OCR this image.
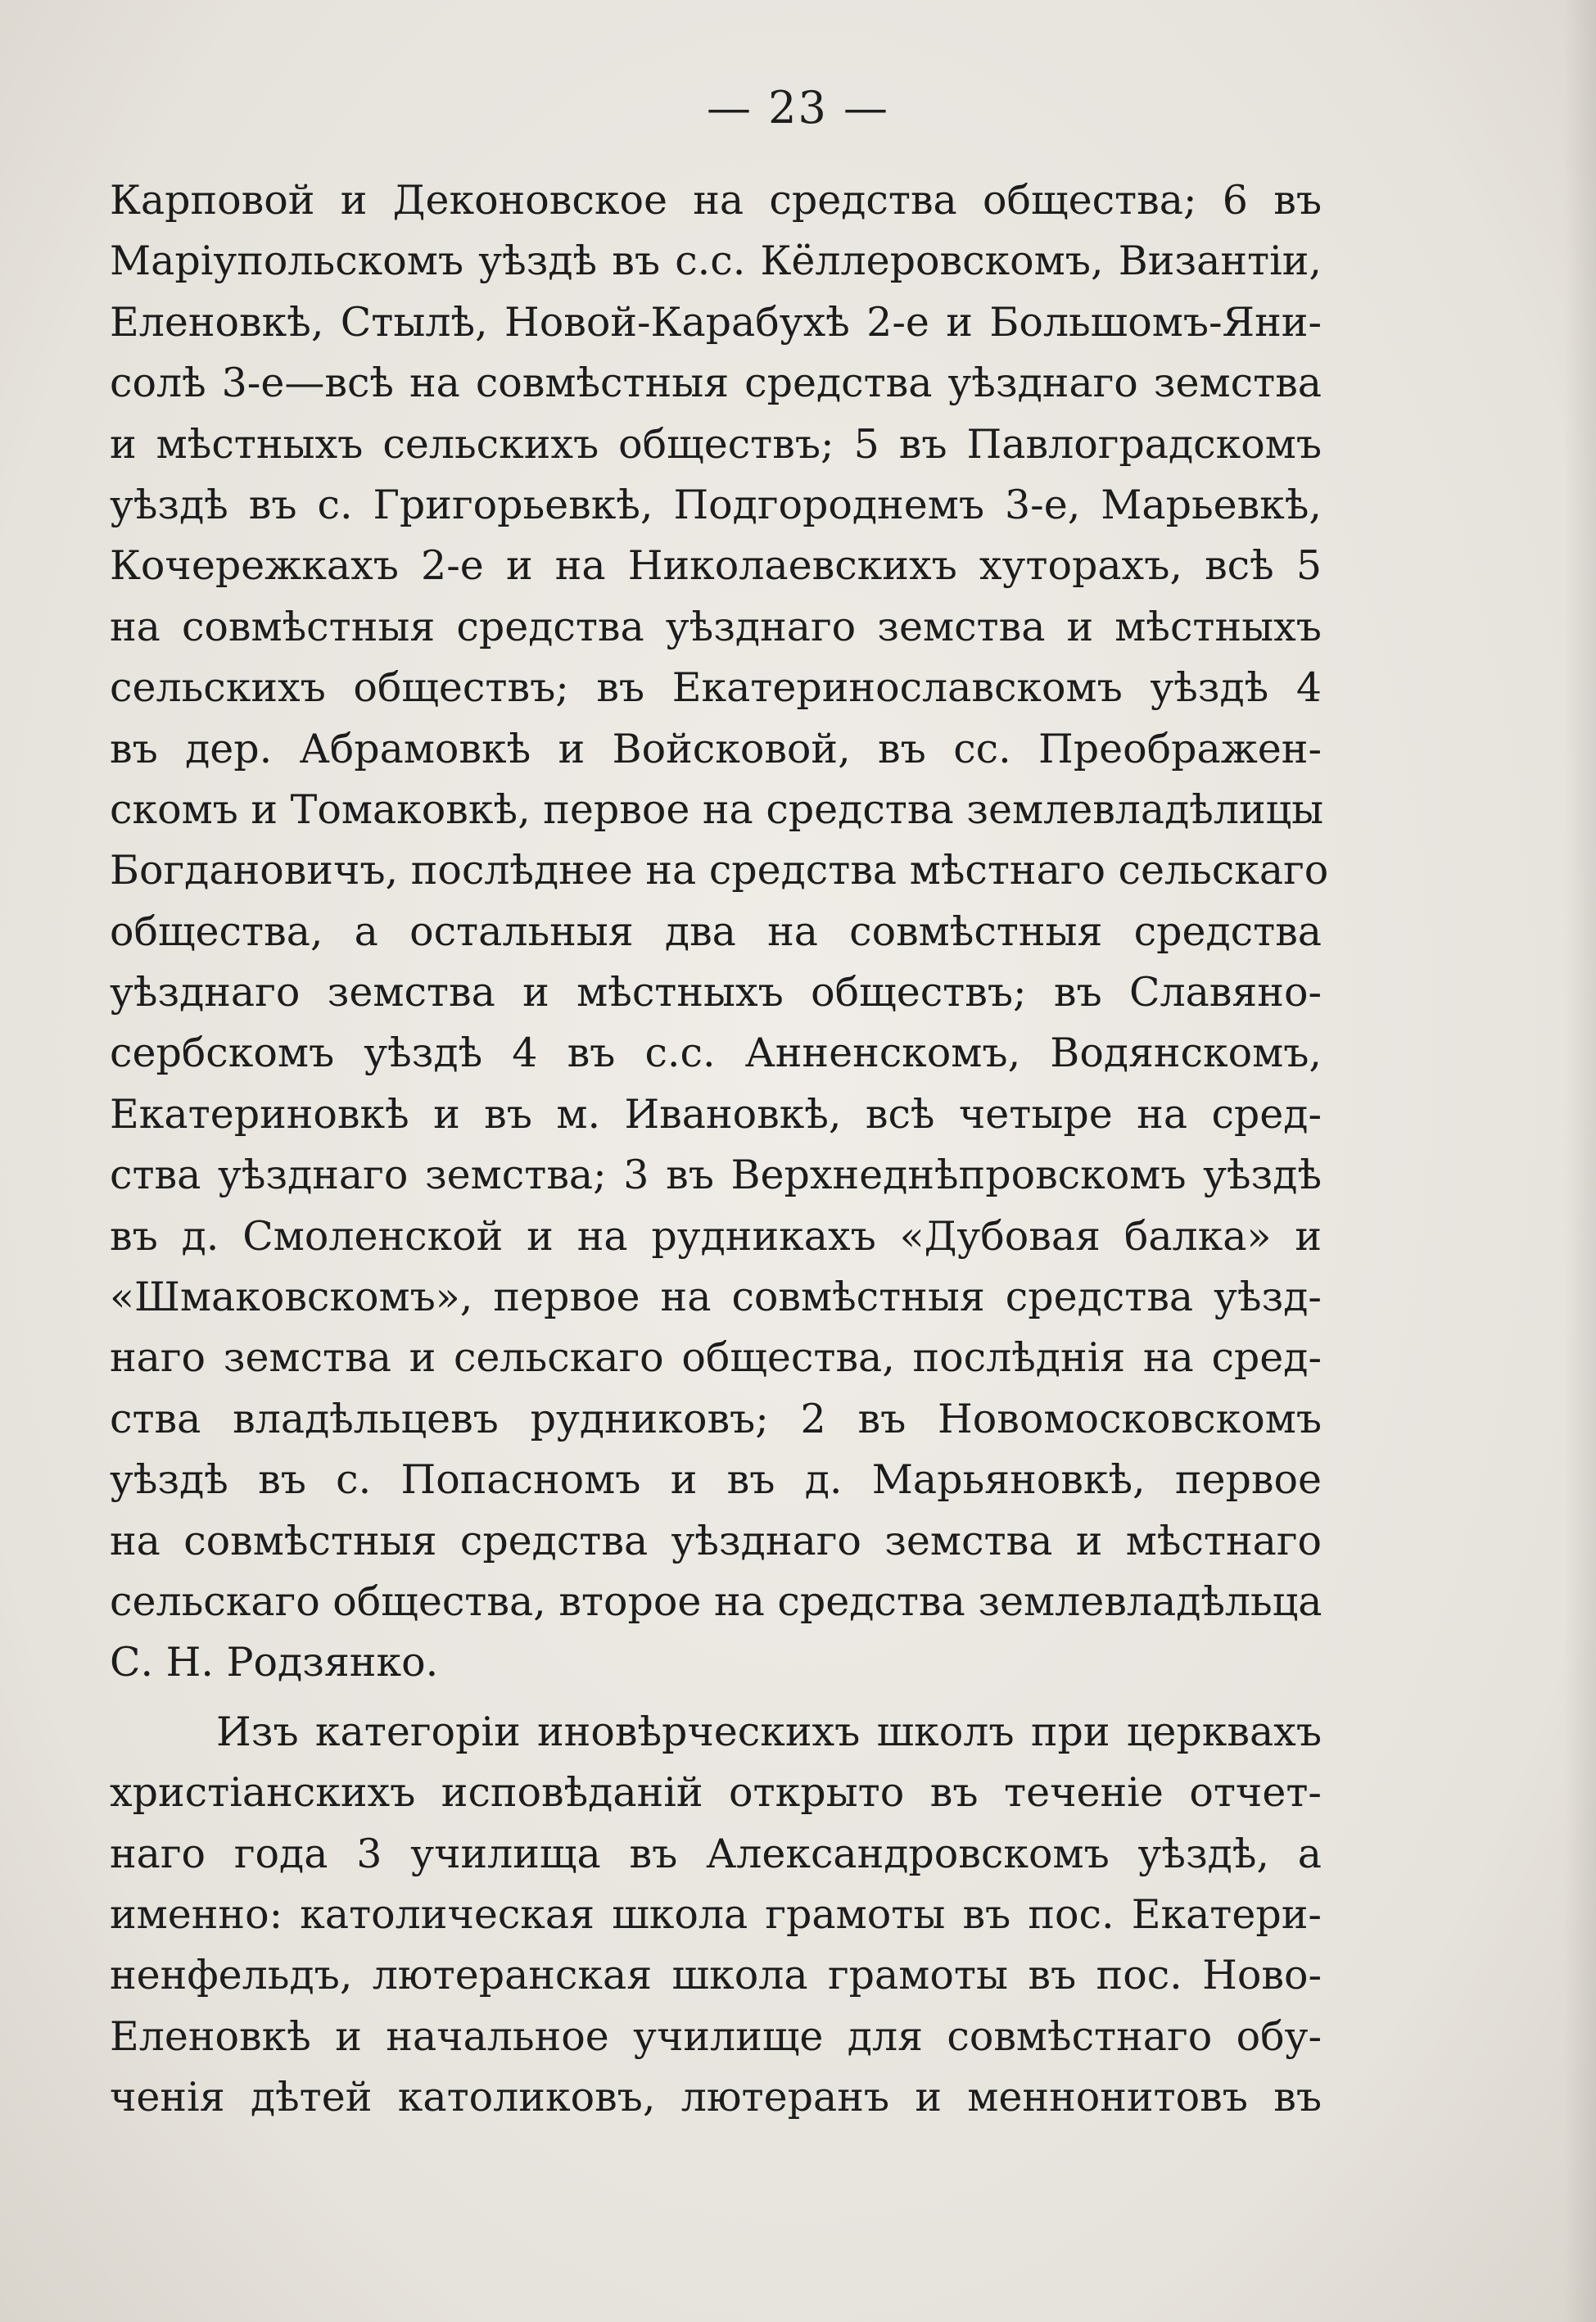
— 23 —
Карповой и Деконовское на средства общества; 6 въ
Маріупольскомъ уѣздѣ въ с.с. Кёллеровскомъ, Византіи,
Еленовкѣ, Стылѣ, Новой-Карабухѣ 2-е и Большомъ-Яни-
солѣ 3-е—всѣ на совмѣстныя средства уѣзднаго земства
и мѣстныхъ сельскихъ обществъ; 5 въ Павлоградскомъ
уѣздѣ въ с. Григорьевкѣ, Подгороднемъ 3-е, Марьевкѣ,
Кочережкахъ 2-е и на Николаевскихъ хуторахъ, всѣ 5
на совмѣстныя средства уѣзднаго земства и мѣстныхъ
сельскихъ обществъ; въ Екатеринославскомъ уѣздѣ 4
въ дер. Абрамовкѣ и Войсковой, въ сс. Преображен-
скомъ и Томаковкѣ, первое на средства землевладѣлицы
Богдановичъ, послѣднее на средства мѣстнаго сельскаго
общества, а остальныя два на совмѣстныя средства
уѣзднаго земства и мѣстныхъ обществъ; въ Славяно-
сербскомъ уѣздѣ 4 въ с.с. Анненскомъ, Водянскомъ,
Екатериновкѣ и въ м. Ивановкѣ, всѣ четыре на сред-
ства уѣзднаго земства; 3 въ Верхнеднѣпровскомъ уѣздѣ
въ д. Смоленской и на рудникахъ «Дубовая балка» и
«Шмаковскомъ», первое на совмѣстныя средства уѣзд-
наго земства и сельскаго общества, послѣднія на сред-
ства владѣльцевъ рудниковъ; 2 въ Новомосковскомъ
уѣздѣ въ с. Попасномъ и въ д. Марьяновкѣ, первое
на совмѣстныя средства уѣзднаго земства и мѣстнаго
сельскаго общества, второе на средства землевладѣльца
С. Н. Родзянко.
Изъ категоріи иновѣрческихъ школъ при церквахъ
христіанскихъ исповѣданій открыто въ теченіе отчет-
наго года 3 училища въ Александровскомъ уѣздѣ, а
именно: католическая школа грамоты въ пос. Екатери-
ненфельдъ, лютеранская школа грамоты въ пос. Ново-
Еленовкѣ и начальное училище для совмѣстнаго обу-
ченія дѣтей католиковъ, лютеранъ и меннонитовъ въ
